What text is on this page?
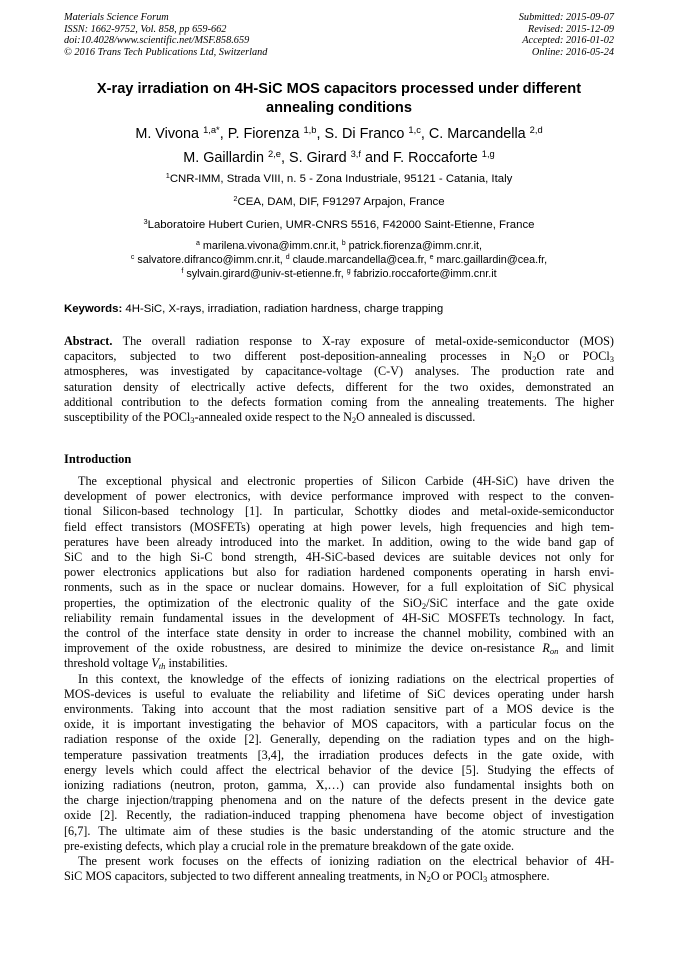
Materials Science Forum
ISSN: 1662-9752, Vol. 858, pp 659-662
doi:10.4028/www.scientific.net/MSF.858.659
© 2016 Trans Tech Publications Ltd, Switzerland
Submitted: 2015-09-07
Revised: 2015-12-09
Accepted: 2016-01-02
Online: 2016-05-24
X-ray irradiation on 4H-SiC MOS capacitors processed under different
annealing conditions
M. Vivona $^{1,a*}$, P. Fiorenza $^{1,b}$, S. Di Franco $^{1,c}$, C. Marcandella $^{2,d}$
M. Gaillardin $^{2,e}$, S. Girard $^{3,f}$ and F. Roccaforte $^{1,g}$
$^1$CNR-IMM, Strada VIII, n. 5 - Zona Industriale, 95121 - Catania, Italy
$^2$CEA, DAM, DIF, F91297 Arpajon, France
$^3$Laboratoire Hubert Curien, UMR-CNRS 5516, F42000 Saint-Etienne, France
$^a$ marilena.vivona@imm.cnr.it, $^b$ patrick.fiorenza@imm.cnr.it,
$^c$ salvatore.difranco@imm.cnr.it, $^d$ claude.marcandella@cea.fr, $^e$ marc.gaillardin@cea.fr,
$^f$ sylvain.girard@univ-st-etienne.fr, $^g$ fabrizio.roccaforte@imm.cnr.it
Keywords: 4H-SiC, X-rays, irradiation, radiation hardness, charge trapping
Abstract. The overall radiation response to X-ray exposure of metal-oxide-semiconductor (MOS)
capacitors, subjected to two different post-deposition-annealing processes in $N_2O$ or POCl$_3$
atmospheres, was investigated by capacitance-voltage (C-V) analyses. The production rate and
saturation density of electrically active defects, different for the two oxides, demonstrated an
additional contribution to the defects formation coming from the annealing treatements. The higher
susceptibility of the POCl$_3$-annealed oxide respect to the $N_2O$ annealed is discussed.
Introduction
The exceptional physical and electronic properties of Silicon Carbide (4H-SiC) have driven the
development of power electronics, with device performance improved with respect to the conven-
tional Silicon-based technology [1]. In particular, Schottky diodes and metal-oxide-semiconductor
field effect transistors (MOSFETs) operating at high power levels, high frequencies and high tem-
peratures have been already introduced into the market. In addition, owing to the wide band gap of
SiC and to the high Si-C bond strength, 4H-SiC-based devices are suitable devices not only for
power electronics applications but also for radiation hardened components operating in harsh envi-
ronments, such as in the space or nuclear domains. However, for a full exploitation of SiC physical
properties, the optimization of the electronic quality of the SiO$_2$/SiC interface and the gate oxide
reliability remain fundamental issues in the development of 4H-SiC MOSFETs technology. In fact,
the control of the interface state density in order to increase the channel mobility, combined with an
improvement of the oxide robustness, are desired to minimize the device on-resistance $R_{on}$ and limit
threshold voltage $V_{th}$ instabilities.
In this context, the knowledge of the effects of ionizing radiations on the electrical properties of
MOS-devices is useful to evaluate the reliability and lifetime of SiC devices operating under harsh
environments. Taking into account that the most radiation sensitive part of a MOS device is the
oxide, it is important investigating the behavior of MOS capacitors, with a particular focus on the
radiation response of the oxide [2]. Generally, depending on the radiation types and on the high-
temperature passivation treatments [3,4], the irradiation produces defects in the gate oxide, with
energy levels which could affect the electrical behavior of the device [5]. Studying the effects of
ionizing radiations (neutron, proton, gamma, X,…) can provide also fundamental insights both on
the charge injection/trapping phenomena and on the nature of the defects present in the device gate
oxide [2]. Recently, the radiation-induced trapping phenomena have become object of investigation
[6,7]. The ultimate aim of these studies is the basic understanding of the atomic structure and the
pre-existing defects, which play a crucial role in the premature breakdown of the gate oxide.
The present work focuses on the effects of ionizing radiation on the electrical behavior of 4H-
SiC MOS capacitors, subjected to two different annealing treatments, in $N_2O$ or POCl$_3$ atmosphere.
